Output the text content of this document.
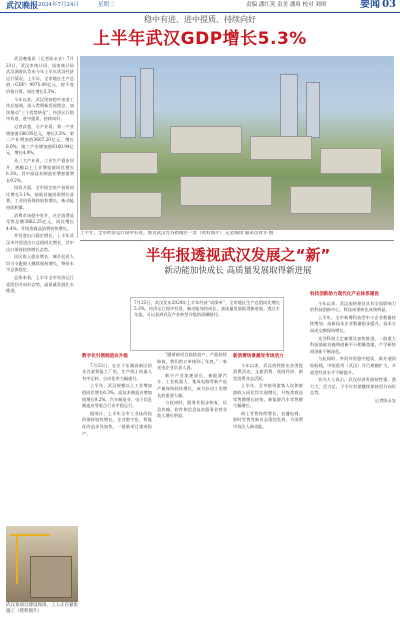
武汉晚报 2024年7月24日	星期三	责编 潘红英 责美 潘珞 校对 刘琪	要闻 03
稳中有进、进中提质、持续向好
上半年武汉GDP增长5.3%

武汉晚报讯（记者陈永农）7月23日，武汉市统计局、国家统计局武汉调查队发布今年上半年武汉经济运行情况。上半年，全市地区生产总值（GDP）9975.09亿元，按不变价格计算，同比增长5.3%。

今年以来，武汉坚持稳中求进工作总基调，深入贯彻新发展理念，加快推动“三个优势转化”，经济运行稳中有进、进中提质、持续向好。

记者获悉，分产业看，第一产业增加值186.95亿元，增长3.3%；第二产业增加值3607.20亿元，增长6.0%；第三产业增加值6180.94亿元，增长4.9%。

从三大产业看，工业生产稳步回升，规模以上工业增加值同比增长6.3%，其中高技术制造业增加值增长9.2%。

投资方面，全市固定资产投资同比增长3.1%，基础设施投资增长显著，工业投资保持较快增长，新动能持续积累。

消费市场稳中有升，社会消费品零售总额3862.25亿元，同比增长4.4%，升级类商品消费较快增长。

外贸进出口稳定增长，上半年武汉市外贸进出口总值同比增长，其中出口保持较快增长态势。

居民收入稳步增长，城乡居民人均可支配收入继续保持增长，物价水平总体稳定。

总体来看，上半年全市经济运行延续回升向好态势，高质量发展扎实推进。

上半年，全市经济运行稳中有进。图为武汉光谷新城区一景（资料图片） 记者熊琦 通讯员黄冬 摄
半年报透视武汉发展之“新”
新动能加快成长 高质量发展取得新进展
7月23日，武汉发布2024年上半年经济“成绩单”，全市地区生产总值同比增长5.3%。经济运行稳中有进，新动能加快成长，高质量发展取得新进展。透过半年报，可以看到武汉产业转型升级的清晰路径。
数字化引领制造业升级

7月23日，在位于东湖高新区的光谷某智能工厂里，生产线上机器人有序运转，自动化率大幅提升。

上半年，武汉规模以上工业增加值同比增长6.3%，高技术制造业增加值增长9.2%，汽车制造业、电子信息制造业等重点行业平稳运行。

据统计，上半年全市工业技改投资保持较快增长，企业数字化、智能化改造步伐加快，一批新项目建成投产。

“随着新项目陆续投产，产能持续释放，我们的订单排到了年底。”一家光电企业负责人说。

新兴产业加速成长，新能源汽车、工业机器人、集成电路等新产品产量保持较快增长，成为拉动工业增长的重要力量。

与此同时，服务业稳步恢复，信息传输、软件和信息技术服务业营业收入增长明显。

新消费场景激发市场活力

今年以来，武汉持续推出各类促消费活动，文旅消费、夜间经济、新型消费业态活跃。

上半年，全市接待游客人次和旅游收入同比均实现增长，升级类商品零售额增长较快，新能源汽车零售额大幅增长。

网上零售持续增长，直播电商、即时零售等新业态蓬勃发展，为消费市场注入新动能。

科技创新助力现代化产业体系建设

今年以来，武汉加快建设具有全国影响力的科技创新中心，科技成果转化成效明显。

上半年，全市新增科技型中小企业数量持续增加，高新技术企业数量稳步提升，技术合同成交额保持增长。

光谷科创大走廊建设加快推进，一批重大科技基础设施和创新平台相继落地，产学研协同创新不断深化。

与此同时，外资外贸稳中提质，新开通国际航线，中欧班列（武汉）开行规模扩大，开放型经济水平不断提升。

业内人士表示，武汉经济发展韧性强、潜力大、活力足，下半年有望继续保持回升向好态势。

记者陈永农

武汉某项目建设现场，工人正在紧张施工（资料图片）
